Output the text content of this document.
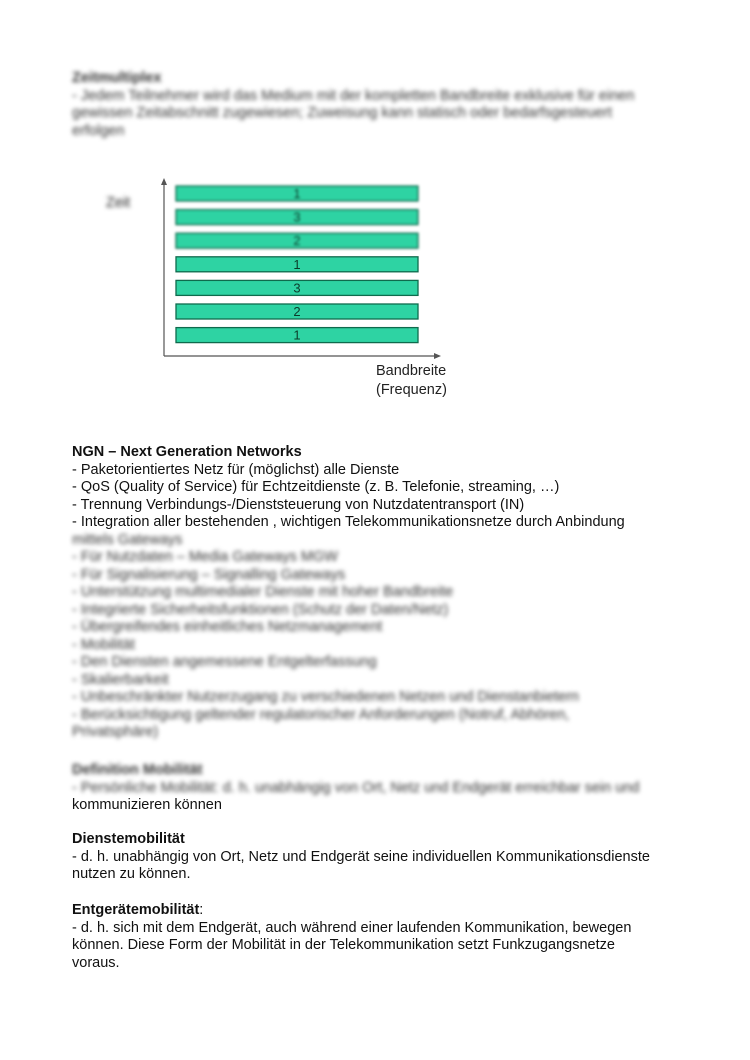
Zeitmultiplex
- Jedem Teilnehmer wird das Medium mit der kompletten Bandbreite exklusive für einen
gewissen Zeitabschnitt zugewiesen; Zuweisung kann statisch oder bedarfsgesteuert
erfolgen
Zeit
1
3
2
1
3
2
1
Bandbreite
(Frequenz)
NGN – Next Generation Networks
- Paketorientiertes Netz für (möglichst) alle Dienste
- QoS (Quality of Service) für Echtzeitdienste (z. B. Telefonie, streaming, …)
- Trennung Verbindungs-/Dienststeuerung von Nutzdatentransport (IN)
- Integration aller bestehenden , wichtigen Telekommunikationsnetze durch Anbindung
mittels Gateways
- Für Nutzdaten – Media Gateways MGW
- Für Signalisierung – Signalling Gateways
- Unterstützung multimedialer Dienste mit hoher Bandbreite
- Integrierte Sicherheitsfunktionen (Schutz der Daten/Netz)
- Übergreifendes einheitliches Netzmanagement
- Mobilität
- Den Diensten angemessene Entgelterfassung
- Skalierbarkeit
- Unbeschränkter Nutzerzugang zu verschiedenen Netzen und Dienstanbietern
- Berücksichtigung geltender regulatorischer Anforderungen (Notruf, Abhören,
Privatsphäre)
Definition Mobilität
- Persönliche Mobilität: d. h. unabhängig von Ort, Netz und Endgerät erreichbar sein und
kommunizieren können
Dienstemobilität
- d. h. unabhängig von Ort, Netz und Endgerät seine individuellen Kommunikationsdienste
nutzen zu können.
Entgerätemobilität:
- d. h. sich mit dem Endgerät, auch während einer laufenden Kommunikation, bewegen
können. Diese Form der Mobilität in der Telekommunikation setzt Funkzugangsnetze
voraus.
